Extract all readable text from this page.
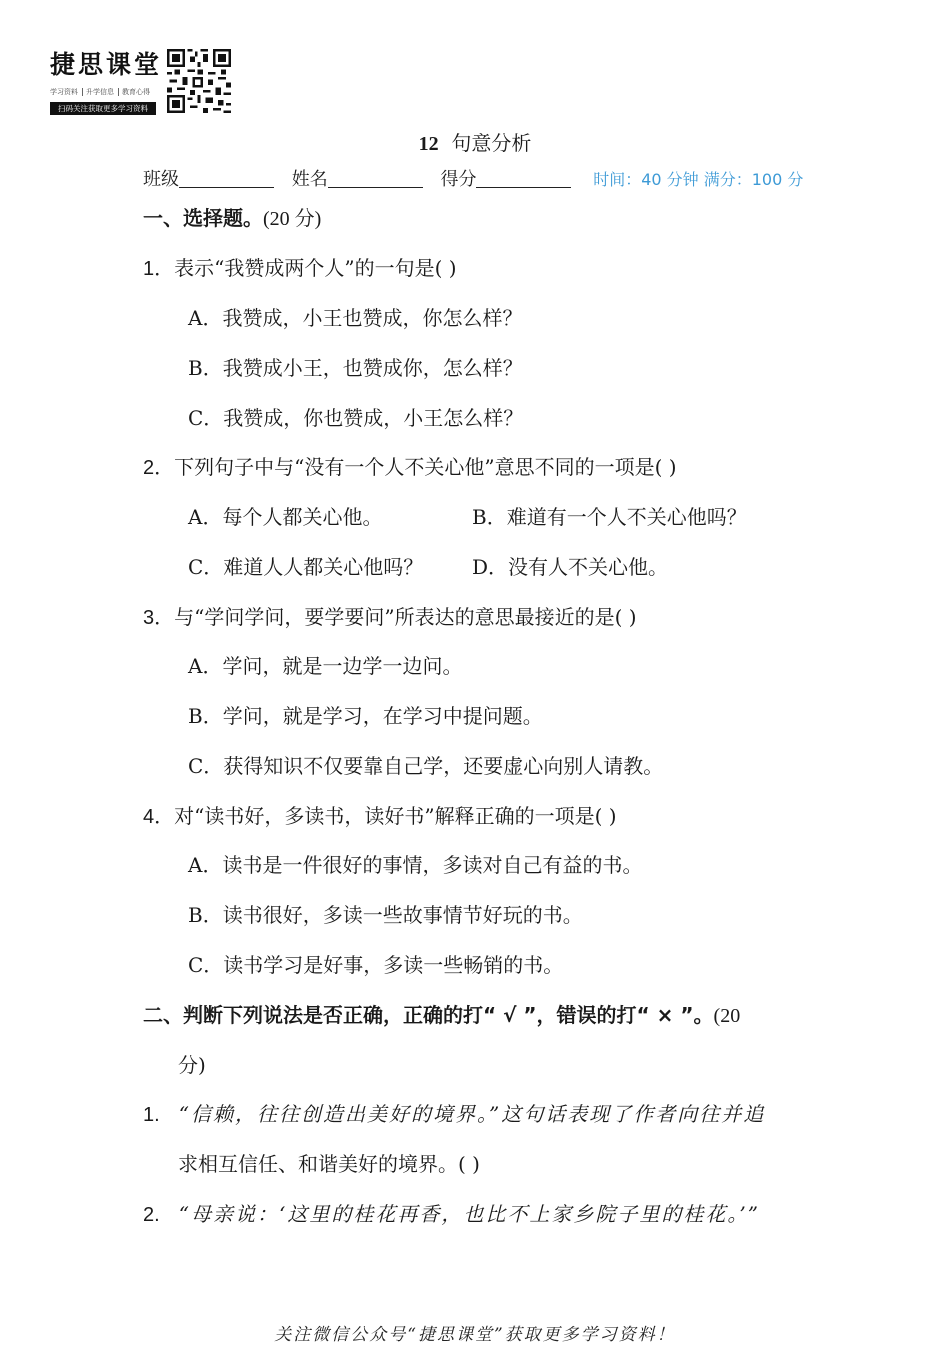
捷思课堂
学习资料 升学信息 教育心得
扫码关注获取更多学习资料
12 句意分析
班级	姓名	得分	时间：40 分钟 满分：100 分
一、选择题。(20 分)
1．表示“我赞成两个人”的一句是( )
A．我赞成，小王也赞成，你怎么样？
B．我赞成小王，也赞成你，怎么样？
C．我赞成，你也赞成，小王怎么样？
2．下列句子中与“没有一个人不关心他”意思不同的一项是( )
A．每个人都关心他。	B．难道有一个人不关心他吗？
C．难道人人都关心他吗？ D．没有人不关心他。
3．与“学问学问，要学要问”所表达的意思最接近的是( )
A．学问，就是一边学一边问。
B．学问，就是学习，在学习中提问题。
C．获得知识不仅要靠自己学，还要虚心向别人请教。
4．对“读书好，多读书，读好书”解释正确的一项是( )
A．读书是一件很好的事情，多读对自己有益的书。
B．读书很好，多读一些故事情节好玩的书。
C．读书学习是好事，多读一些畅销的书。
二、判断下列说法是否正确，正确的打“ √ ”，错误的打“ × ”。(20
分)
1. “信赖，往往创造出美好的境界。”这句话表现了作者向往并追
求相互信任、和谐美好的境界。( )
2. “母亲说：‘这里的桂花再香，也比不上家乡院子里的桂花。’”
关注微信公众号“捷思课堂”获取更多学习资料！
